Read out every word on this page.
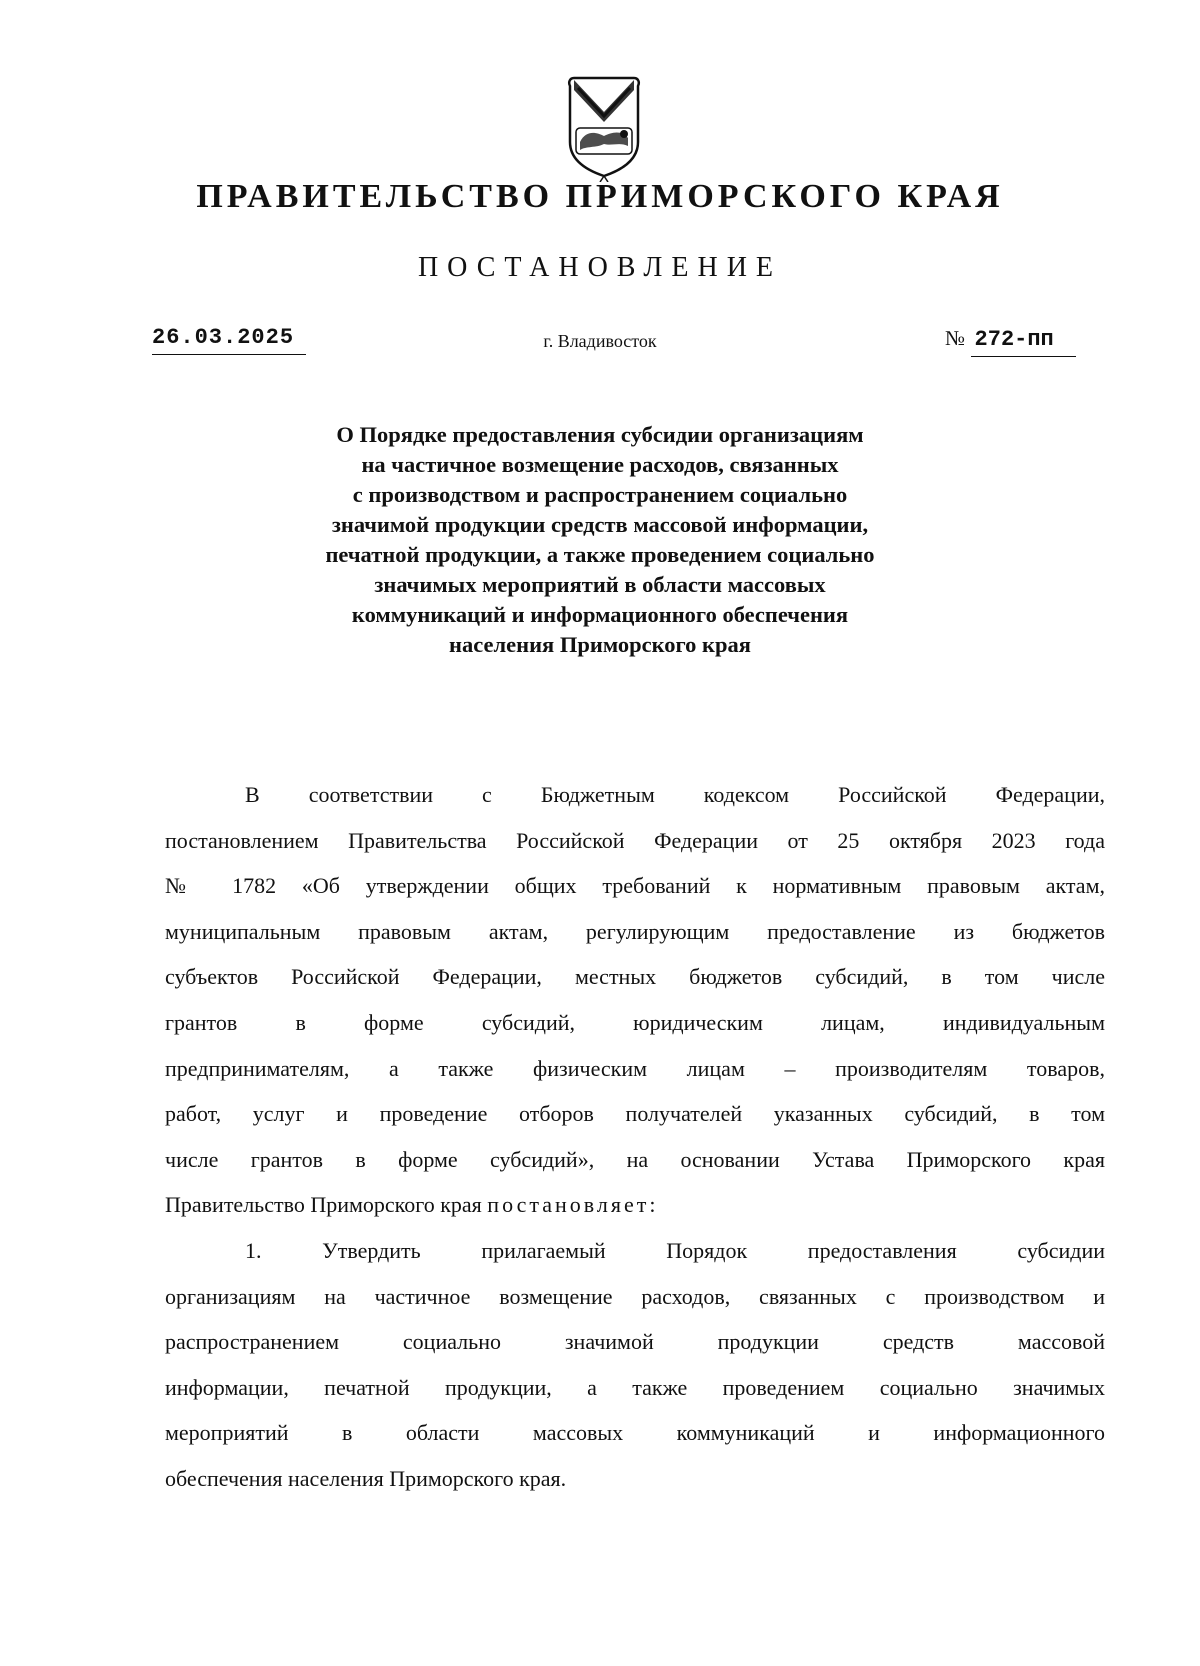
ПРАВИТЕЛЬСТВО ПРИМОРСКОГО КРАЯ
ПОСТАНОВЛЕНИЕ
26.03.2025	г. Владивосток	№ 272-пп
О Порядке предоставления субсидии организациям
на частичное возмещение расходов, связанных
с производством и распространением социально
значимой продукции средств массовой информации,
печатной продукции, а также проведением социально
значимых мероприятий в области массовых
коммуникаций и информационного обеспечения
населения Приморского края
В соответствии с Бюджетным кодексом Российской Федерации,
постановлением Правительства Российской Федерации от 25 октября 2023 года
№ 1782 «Об утверждении общих требований к нормативным правовым актам,
муниципальным правовым актам, регулирующим предоставление из бюджетов
субъектов Российской Федерации, местных бюджетов субсидий, в том числе
грантов в форме субсидий, юридическим лицам, индивидуальным
предпринимателям, а также физическим лицам – производителям товаров,
работ, услуг и проведение отборов получателей указанных субсидий, в том
числе грантов в форме субсидий», на основании Устава Приморского края
Правительство Приморского края постановляет:
1. Утвердить прилагаемый Порядок предоставления субсидии
организациям на частичное возмещение расходов, связанных с производством и
распространением социально значимой продукции средств массовой
информации, печатной продукции, а также проведением социально значимых
мероприятий в области массовых коммуникаций и информационного
обеспечения населения Приморского края.
